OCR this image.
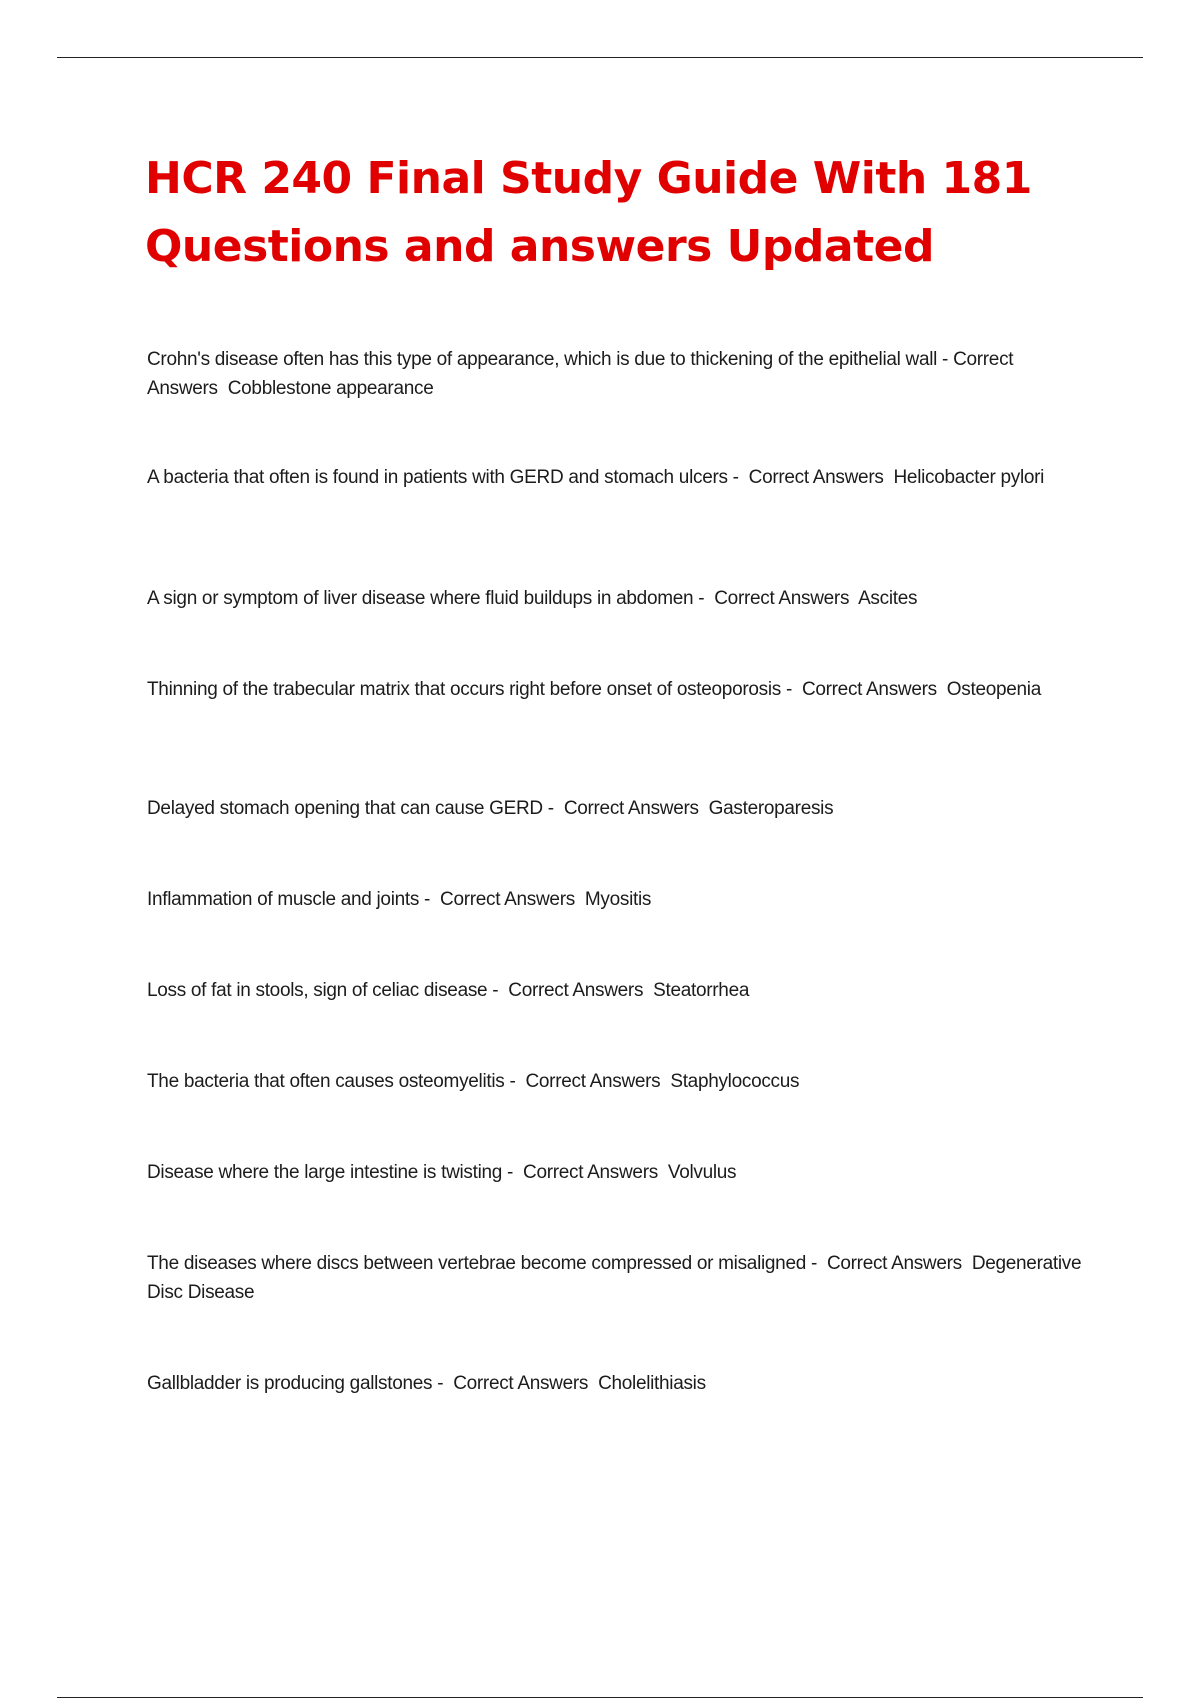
HCR 240 Final Study Guide With 181 Questions and answers Updated
Crohn's disease often has this type of appearance, which is due to thickening of the epithelial wall - Correct Answers Cobblestone appearance
A bacteria that often is found in patients with GERD and stomach ulcers - Correct Answers Helicobacter pylori
A sign or symptom of liver disease where fluid buildups in abdomen - Correct Answers Ascites
Thinning of the trabecular matrix that occurs right before onset of osteoporosis - Correct Answers Osteopenia
Delayed stomach opening that can cause GERD - Correct Answers Gasteroparesis
Inflammation of muscle and joints - Correct Answers Myositis
Loss of fat in stools, sign of celiac disease - Correct Answers Steatorrhea
The bacteria that often causes osteomyelitis - Correct Answers Staphylococcus
Disease where the large intestine is twisting - Correct Answers Volvulus
The diseases where discs between vertebrae become compressed or misaligned - Correct Answers Degenerative Disc Disease
Gallbladder is producing gallstones - Correct Answers Cholelithiasis
